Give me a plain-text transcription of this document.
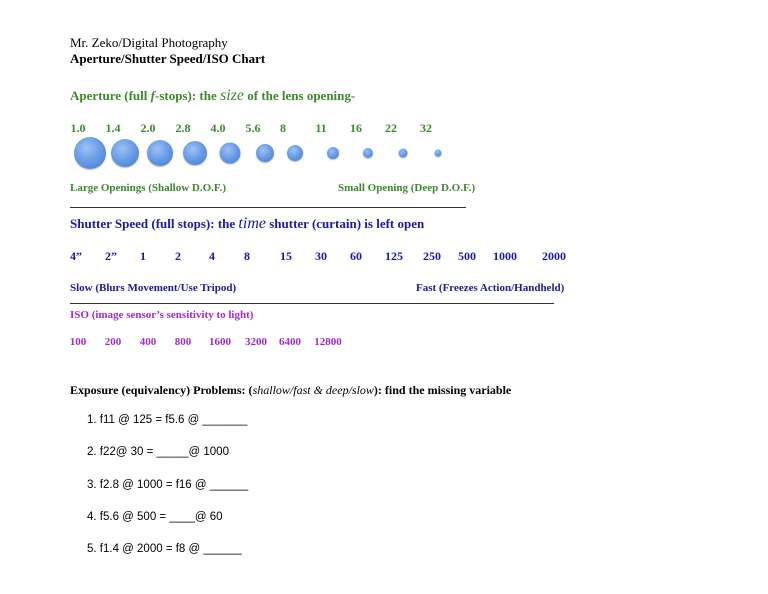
Mr. Zeko/Digital Photography
Aperture/Shutter Speed/ISO Chart
Aperture (full f-stops): the size of the lens opening-
1.0 1.4 2.0 2.8 4.0 5.6 8 11 16 22 32
Large Openings (Shallow D.O.F.)	Small Opening (Deep D.O.F.)
Shutter Speed (full stops): the time shutter (curtain) is left open
4” 2” 1 2 4 8	15 30 60 125 250 500 1000 2000
Slow (Blurs Movement/Use Tripod)	Fast (Freezes Action/Handheld)
ISO (image sensor’s sensitivity to light)
100 200 400 800 1600 3200 6400 12800
Exposure (equivalency) Problems: (shallow/fast & deep/slow): find the missing variable
1. f11 @ 125 = f5.6 @ _______
2. f22@ 30 = _____@ 1000
3. f2.8 @ 1000 = f16 @ ______
4. f5.6 @ 500 = ____@ 60
5. f1.4 @ 2000 = f8 @ ______
